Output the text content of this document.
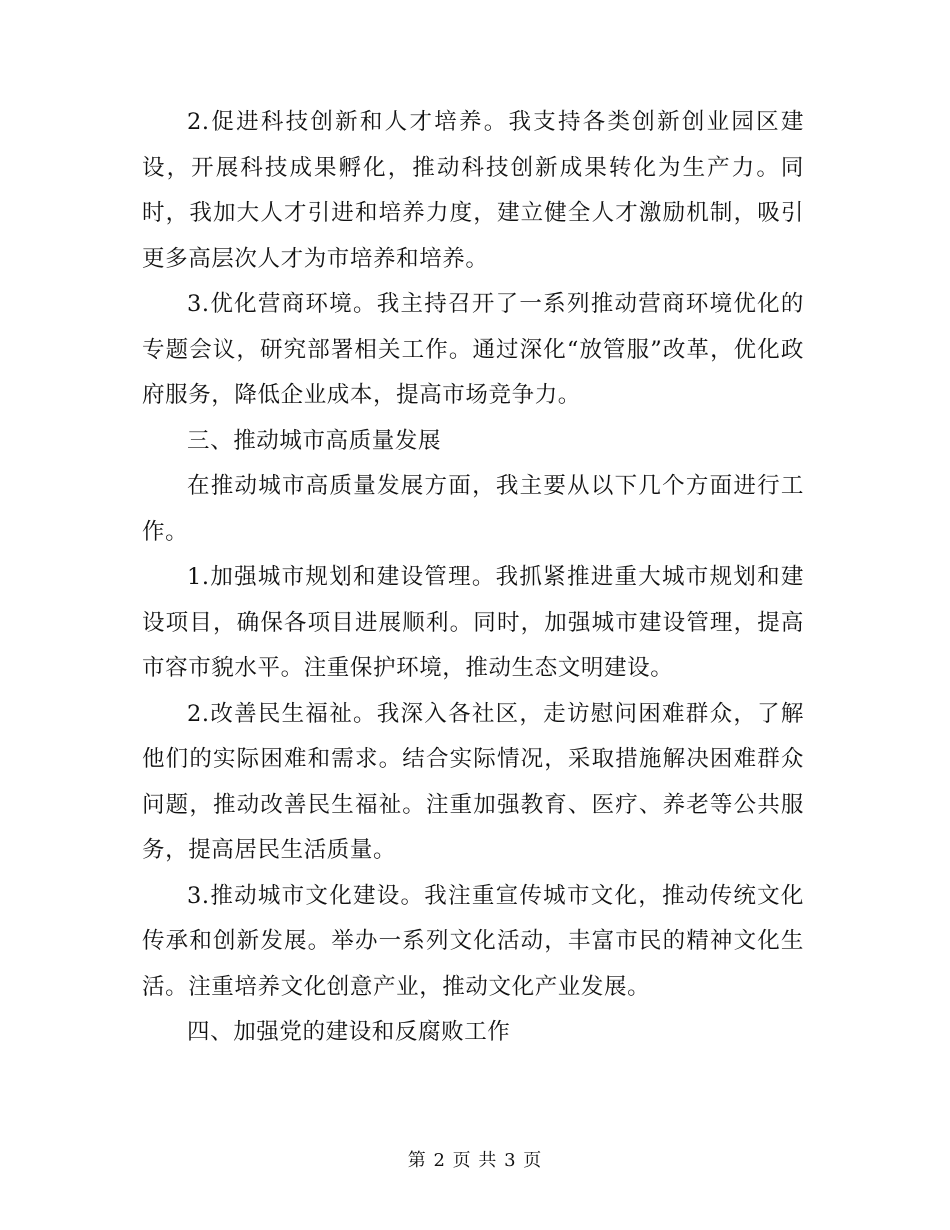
2.促进科技创新和人才培养。我支持各类创新创业园区建设，开展科技成果孵化，推动科技创新成果转化为生产力。同时，我加大人才引进和培养力度，建立健全人才激励机制，吸引更多高层次人才为市培养和培养。

3.优化营商环境。我主持召开了一系列推动营商环境优化的专题会议，研究部署相关工作。通过深化“放管服”改革，优化政府服务，降低企业成本，提高市场竞争力。

三、推动城市高质量发展

在推动城市高质量发展方面，我主要从以下几个方面进行工作。

1.加强城市规划和建设管理。我抓紧推进重大城市规划和建设项目，确保各项目进展顺利。同时，加强城市建设管理，提高市容市貌水平。注重保护环境，推动生态文明建设。

2.改善民生福祉。我深入各社区，走访慰问困难群众，了解他们的实际困难和需求。结合实际情况，采取措施解决困难群众问题，推动改善民生福祉。注重加强教育、医疗、养老等公共服务，提高居民生活质量。

3.推动城市文化建设。我注重宣传城市文化，推动传统文化传承和创新发展。举办一系列文化活动，丰富市民的精神文化生活。注重培养文化创意产业，推动文化产业发展。

四、加强党的建设和反腐败工作

第 2 页 共 3 页
